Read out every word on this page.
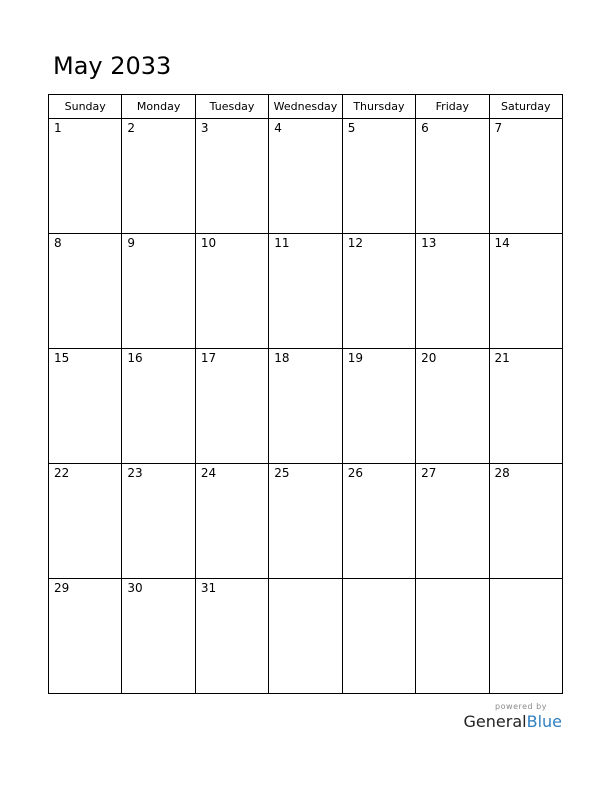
May 2033
Sunday	Monday	Tuesday	Wednesday	Thursday	Friday	Saturday

1	2	3	4	5	6	7

8	9	10	11	12	13	14

15	16	17	18	19	20	21

22	23	24	25	26	27	28

29	30	31				

powered by
GeneralBlue
